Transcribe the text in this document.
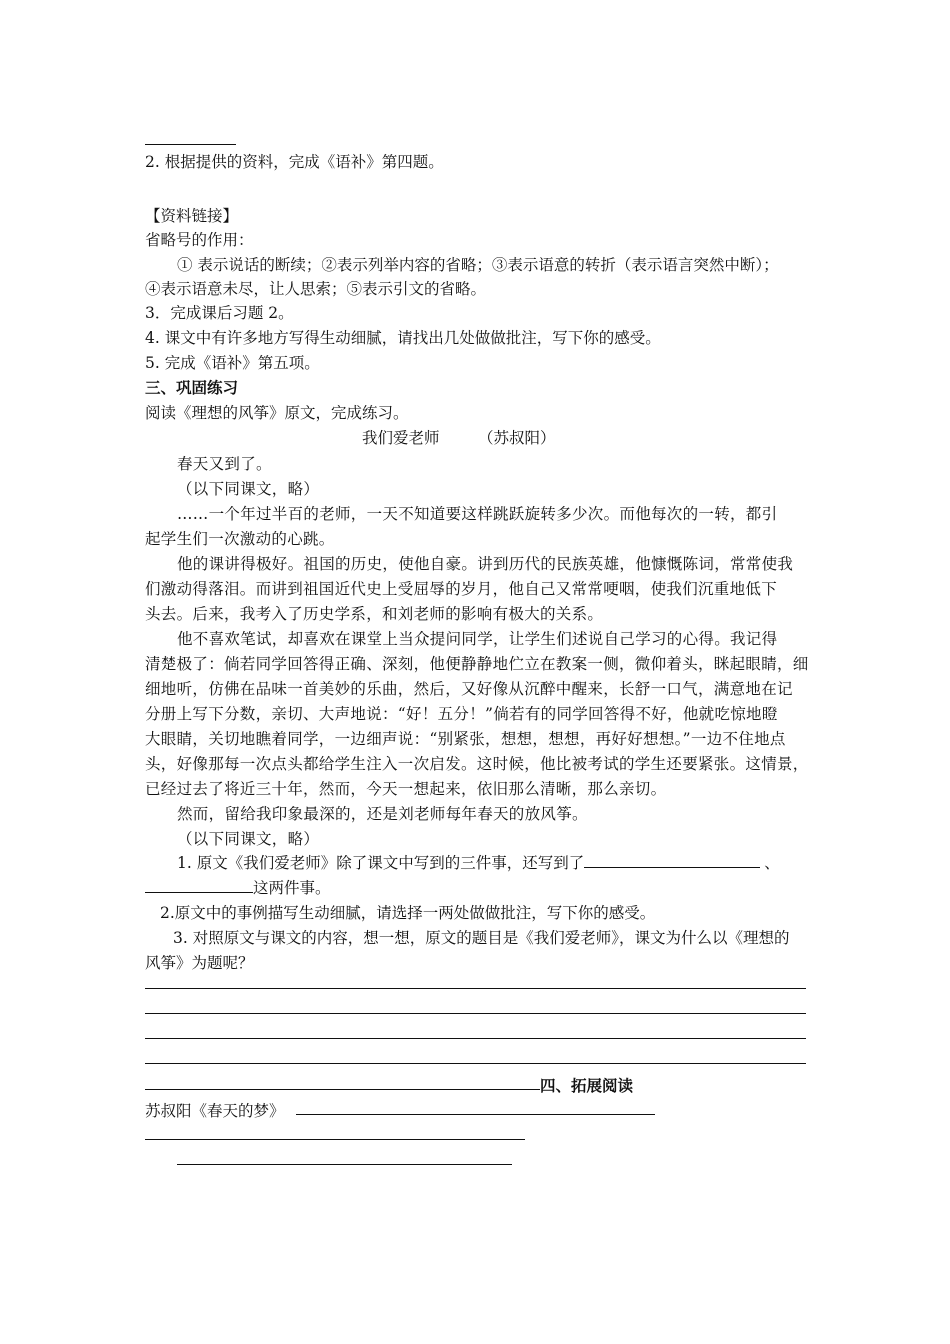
2. 根据提供的资料，完成《语补》第四题。
【资料链接】
省略号的作用：
① 表示说话的断续；②表示列举内容的省略；③表示语意的转折（表示语言突然中断）；
④表示语意未尽，让人思索；⑤表示引文的省略。
3．完成课后习题 2。
4. 课文中有许多地方写得生动细腻，请找出几处做做批注，写下你的感受。
5. 完成《语补》第五项。
三、巩固练习
阅读《理想的风筝》原文，完成练习。
我们爱老师 （苏叔阳）
春天又到了。
（以下同课文，略）
……一个年过半百的老师，一天不知道要这样跳跃旋转多少次。而他每次的一转，都引
起学生们一次激动的心跳。
他的课讲得极好。祖国的历史，使他自豪。讲到历代的民族英雄，他慷慨陈词，常常使我
们激动得落泪。而讲到祖国近代史上受屈辱的岁月，他自己又常常哽咽，使我们沉重地低下
头去。后来，我考入了历史学系，和刘老师的影响有极大的关系。
他不喜欢笔试，却喜欢在课堂上当众提问同学，让学生们述说自己学习的心得。我记得
清楚极了：倘若同学回答得正确、深刻，他便静静地伫立在教案一侧，微仰着头，眯起眼睛，细
细地听，仿佛在品味一首美妙的乐曲，然后，又好像从沉醉中醒来，长舒一口气，满意地在记
分册上写下分数，亲切、大声地说：“好！五分！”倘若有的同学回答得不好，他就吃惊地瞪
大眼睛，关切地瞧着同学，一边细声说：“别紧张，想想，想想，再好好想想。”一边不住地点
头，好像那每一次点头都给学生注入一次启发。这时候，他比被考试的学生还要紧张。这情景，
已经过去了将近三十年，然而，今天一想起来，依旧那么清晰，那么亲切。
然而，留给我印象最深的，还是刘老师每年春天的放风筝。
（以下同课文，略）
1. 原文《我们爱老师》除了课文中写到的三件事，还写到了	、
这两件事。
2.原文中的事例描写生动细腻，请选择一两处做做批注，写下你的感受。
3. 对照原文与课文的内容，想一想，原文的题目是《我们爱老师》，课文为什么以《理想的
风筝》为题呢？
四、拓展阅读
苏叔阳《春天的梦》
